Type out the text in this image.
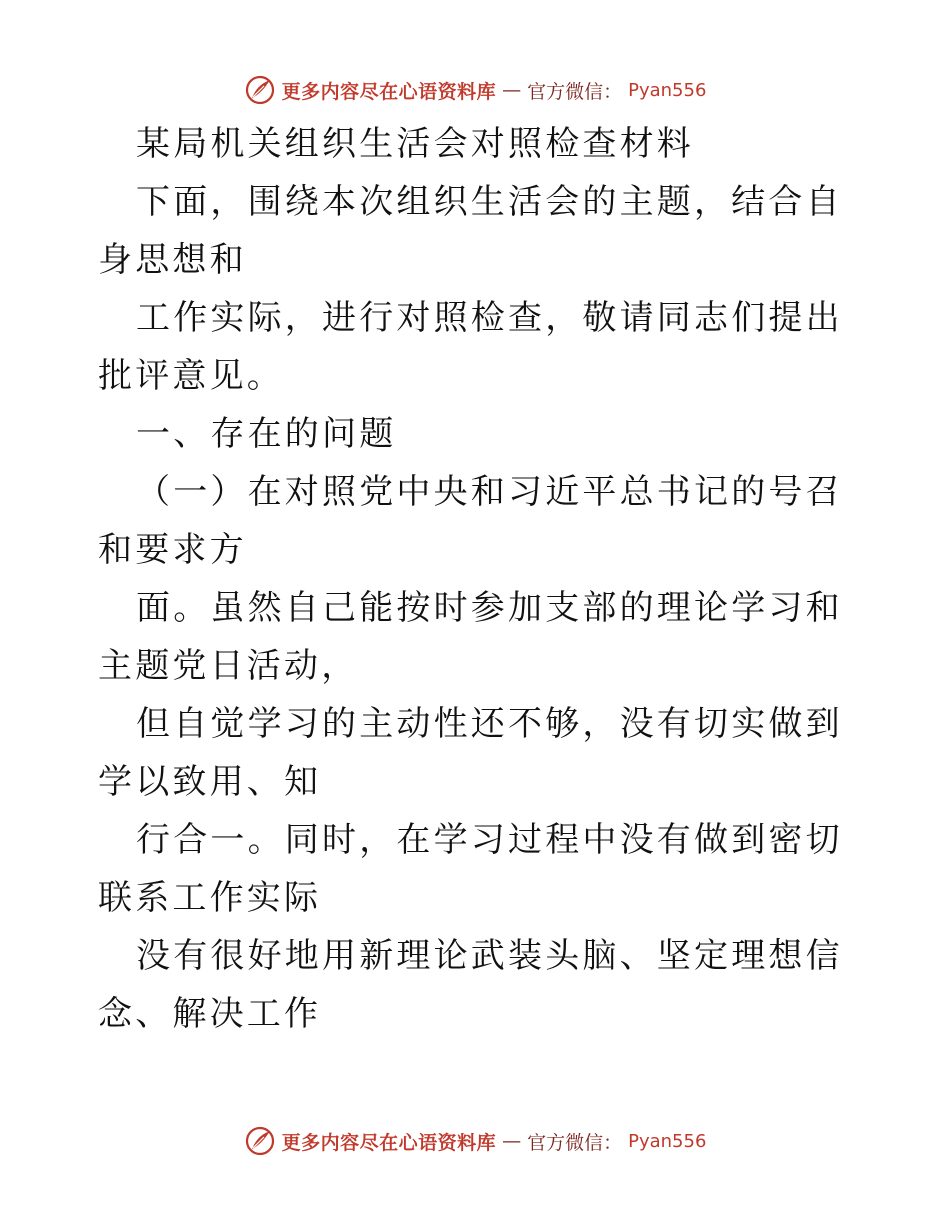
更多内容尽在心语资料库 — 官方微信： Pyan556

某局机关组织生活会对照检查材料

下面，围绕本次组织生活会的主题，结合自身思想和

工作实际，进行对照检查，敬请同志们提出批评意见。

一、存在的问题

（一）在对照党中央和习近平总书记的号召和要求方

面。虽然自己能按时参加支部的理论学习和主题党日活动，

但自觉学习的主动性还不够，没有切实做到学以致用、知

行合一。同时，在学习过程中没有做到密切联系工作实际

没有很好地用新理论武装头脑、坚定理想信念、解决工作

更多内容尽在心语资料库 — 官方微信： Pyan556
